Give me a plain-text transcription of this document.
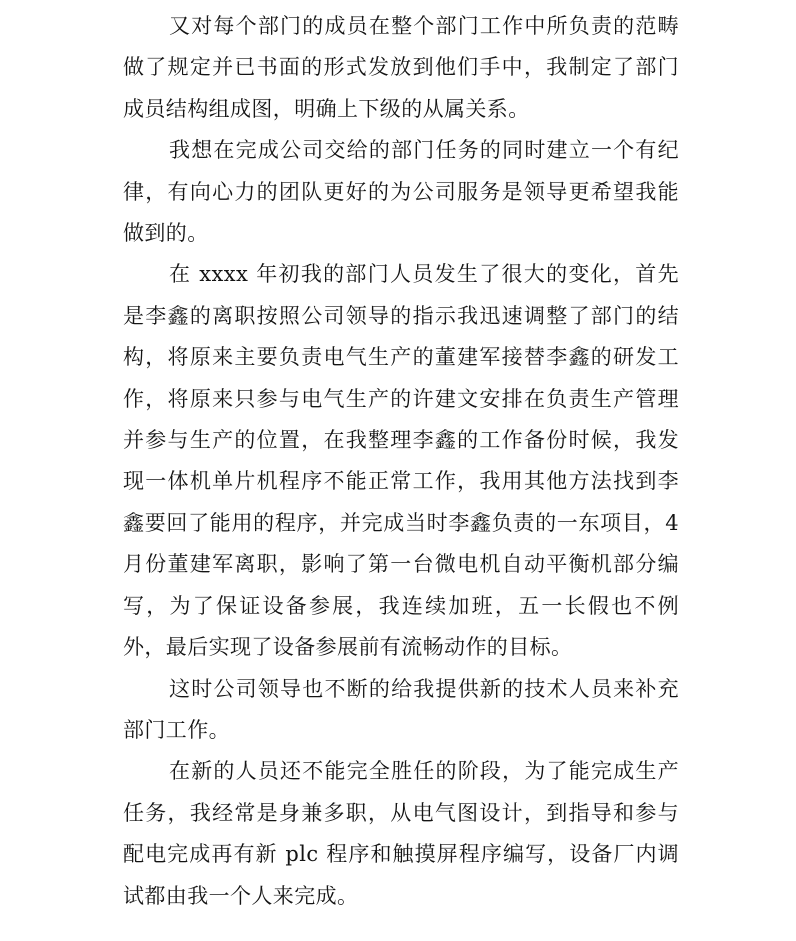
又对每个部门的成员在整个部门工作中所负责的范畴做了规定并已书面的形式发放到他们手中，我制定了部门成员结构组成图，明确上下级的从属关系。

我想在完成公司交给的部门任务的同时建立一个有纪律，有向心力的团队更好的为公司服务是领导更希望我能做到的。

在 xxxx 年初我的部门人员发生了很大的变化，首先是李鑫的离职按照公司领导的指示我迅速调整了部门的结构，将原来主要负责电气生产的董建军接替李鑫的研发工作，将原来只参与电气生产的许建文安排在负责生产管理并参与生产的位置，在我整理李鑫的工作备份时候，我发现一体机单片机程序不能正常工作，我用其他方法找到李鑫要回了能用的程序，并完成当时李鑫负责的一东项目，4 月份董建军离职，影响了第一台微电机自动平衡机部分编写，为了保证设备参展，我连续加班，五一长假也不例外，最后实现了设备参展前有流畅动作的目标。

这时公司领导也不断的给我提供新的技术人员来补充部门工作。

在新的人员还不能完全胜任的阶段，为了能完成生产任务，我经常是身兼多职，从电气图设计，到指导和参与配电完成再有新 plc 程序和触摸屏程序编写，设备厂内调试都由我一个人来完成。
